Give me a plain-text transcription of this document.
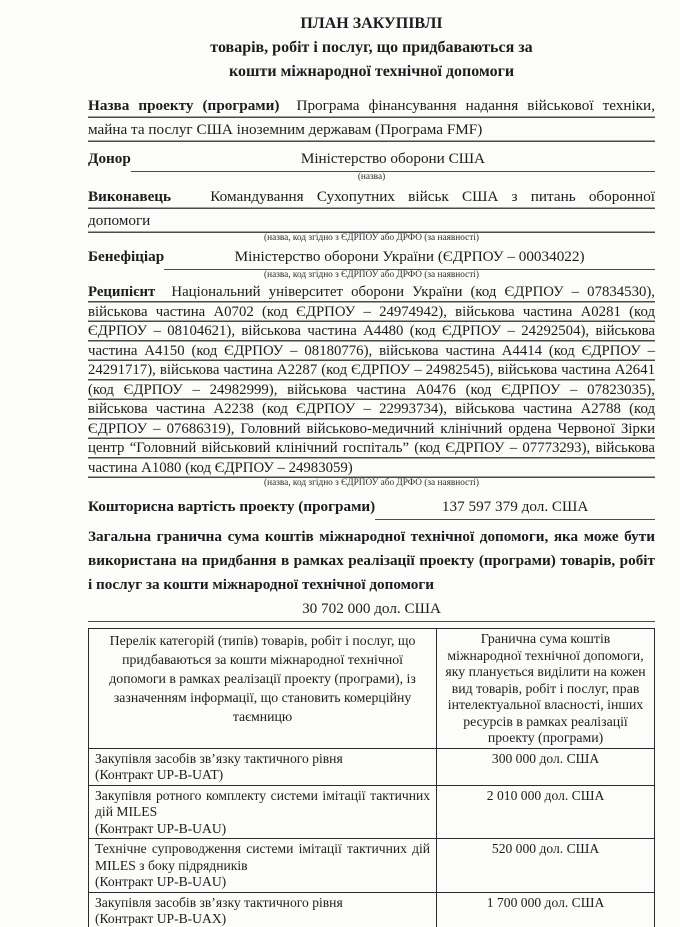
ПЛАН ЗАКУПІВЛІ
товарів, робіт і послуг, що придбаваються за
кошти міжнародної технічної допомоги

Назва проекту (програми) Програма фінансування надання військової техніки, майна та послуг США іноземним державам (Програма FMF)

Донор	Міністерство оборони США
(назва)

Виконавець	Командування Сухопутних військ США з питань оборонної допомоги

(назва, код згідно з ЄДРПОУ або ДРФО (за наявності)
Бенефіціар	Міністерство оборони України (ЄДРПОУ – 00034022)
(назва, код згідно з ЄДРПОУ або ДРФО (за наявності)

Реципієнт Національний університет оборони України (код ЄДРПОУ – 07834530), військова частина А0702 (код ЄДРПОУ – 24974942), військова частина А0281 (код ЄДРПОУ – 08104621), військова частина А4480 (код ЄДРПОУ – 24292504), військова частина А4150 (код ЄДРПОУ – 08180776), військова частина А4414 (код ЄДРПОУ – 24291717), військова частина А2287 (код ЄДРПОУ – 24982545), військова частина А2641 (код ЄДРПОУ – 24982999), військова частина А0476 (код ЄДРПОУ – 07823035), військова частина А2238 (код ЄДРПОУ – 22993734), військова частина А2788 (код ЄДРПОУ – 07686319), Головний військово-медичний клінічний ордена Червоної Зірки центр “Головний військовий клінічний госпіталь” (код ЄДРПОУ – 07773293), військова частина А1080 (код ЄДРПОУ – 24983059)

(назва, код згідно з ЄДРПОУ або ДРФО (за наявності)
Кошторисна вартість проекту (програми)	137 597 379 дол. США

Загальна гранична сума коштів міжнародної технічної допомоги, яка може бути використана на придбання в рамках реалізації проекту (програми) товарів, робіт і послуг за кошти міжнародної технічної допомоги

30 702 000 дол. США
Перелік категорій (типів) товарів, робіт і послуг, що придбаваються за кошти міжнародної технічної допомоги в рамках реалізації проекту (програми), із зазначенням інформації, що становить комерційну таємницю	Гранична сума коштів міжнародної технічної допомоги, яку планується виділити на кожен вид товарів, робіт і послуг, прав інтелектуальної власності, інших ресурсів в рамках реалізації проекту (програми)

Закупівля засобів зв’язку тактичного рівня
(Контракт UP-B-UAT)	300 000 дол. США

Закупівля ротного комплекту системи імітації тактичних дій MILES
(Контракт UP-B-UAU)	2 010 000 дол. США

Технічне супроводження системи імітації тактичних дій MILES з боку підрядників
(Контракт UP-B-UAU)	520 000 дол. США

Закупівля засобів зв’язку тактичного рівня
(Контракт UP-B-UAX)	1 700 000 дол. США
